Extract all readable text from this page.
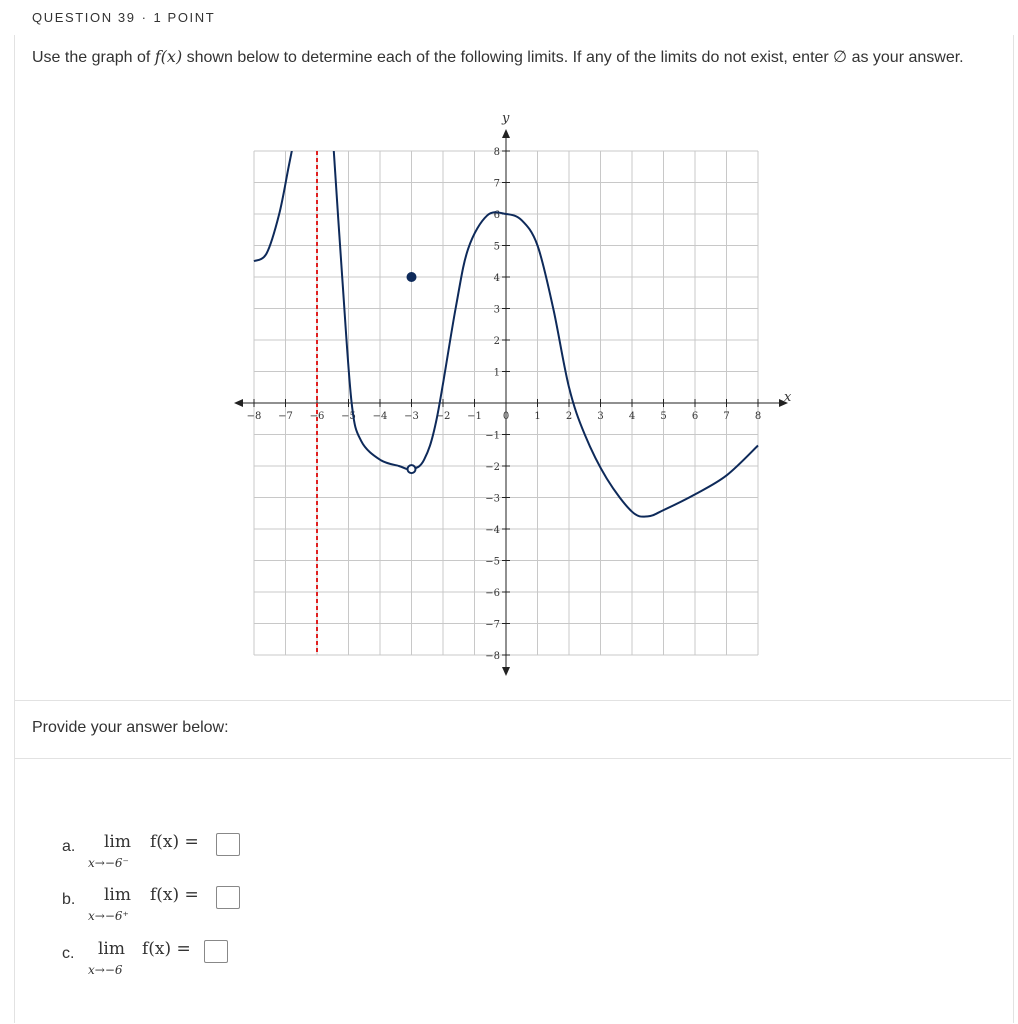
QUESTION 39 · 1 POINT
Use the graph of f(x) shown below to determine each of the following limits. If any of the limits do not exist, enter ∅ as your answer.
−8 −7 −6 −5 −4 −3 −2 −1 0	1	2	3	4	5	6	7	8
8
7
6
5
4
3
2
1
−1
−2
−3
−4
−5
−6
−7
−8
x
y
Provide your answer below:
a. lim
x→−6⁻
f(x) =
b. lim
x→−6⁺
f(x) =
c. lim
x→−6
f(x) =
